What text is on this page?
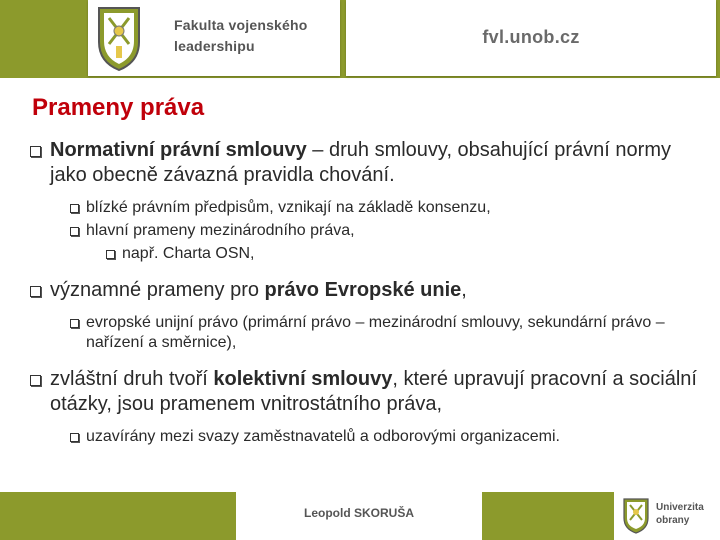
Fakulta vojenského
leadershipu	fvl.unob.cz
Prameny práva
Normativní právní smlouvy – druh smlouvy, obsahující právní normy jako obecně závazná pravidla chování.
blízké právním předpisům, vznikají na základě konsenzu,
hlavní prameny mezinárodního práva,
např. Charta OSN,
významné prameny pro právo Evropské unie,
evropské unijní právo (primární právo – mezinárodní smlouvy, sekundární právo – nařízení a směrnice),
zvláštní druh tvoří kolektivní smlouvy, které upravují pracovní a sociální otázky, jsou pramenem vnitrostátního práva,
uzavírány mezi svazy zaměstnavatelů a odborovými organizacemi.
Leopold SKORUŠA	Univerzita
obrany
